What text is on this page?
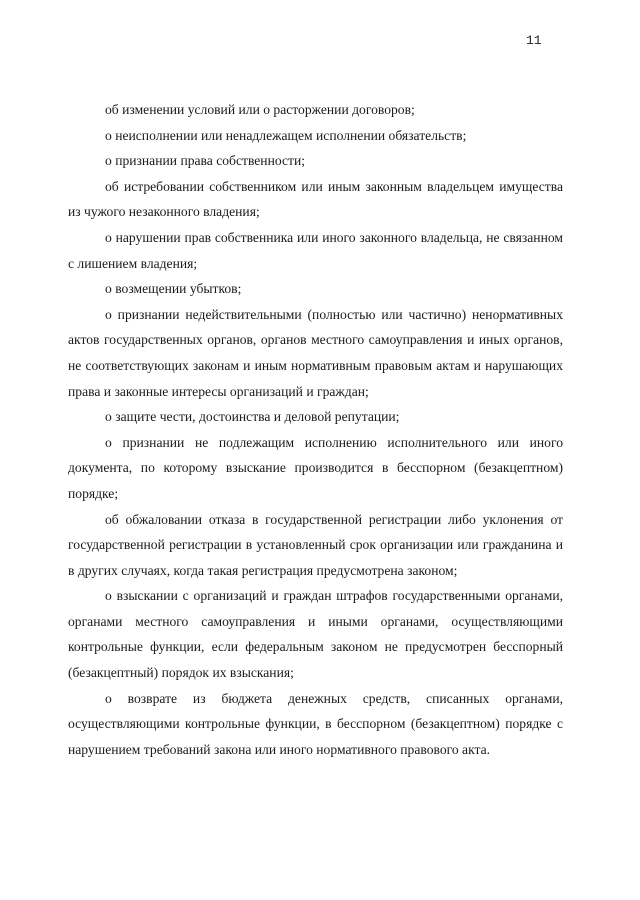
11

об изменении условий или о расторжении договоров;

о неисполнении или ненадлежащем исполнении обязательств;

о признании права собственности;

об истребовании собственником или иным законным владельцем имущества из чужого незаконного владения;

о нарушении прав собственника или иного законного владельца, не связанном с лишением владения;

о возмещении убытков;

о признании недействительными (полностью или частично) ненормативных актов государственных органов, органов местного самоуправления и иных органов, не соответствующих законам и иным нормативным правовым актам и нарушающих права и законные интересы организаций и граждан;

о защите чести, достоинства и деловой репутации;

о признании не подлежащим исполнению исполнительного или иного документа, по которому взыскание производится в бесспорном (безакцептном) порядке;

об обжаловании отказа в государственной регистрации либо уклонения от государственной регистрации в установленный срок организации или гражданина и в других случаях, когда такая регистрация предусмотрена законом;

о взыскании с организаций и граждан штрафов государственными органами, органами местного самоуправления и иными органами, осуществляющими контрольные функции, если федеральным законом не предусмотрен бесспорный (безакцептный) порядок их взыскания;

о возврате из бюджета денежных средств, списанных органами, осуществляющими контрольные функции, в бесспорном (безакцептном) порядке с нарушением требований закона или иного нормативного правового акта.
